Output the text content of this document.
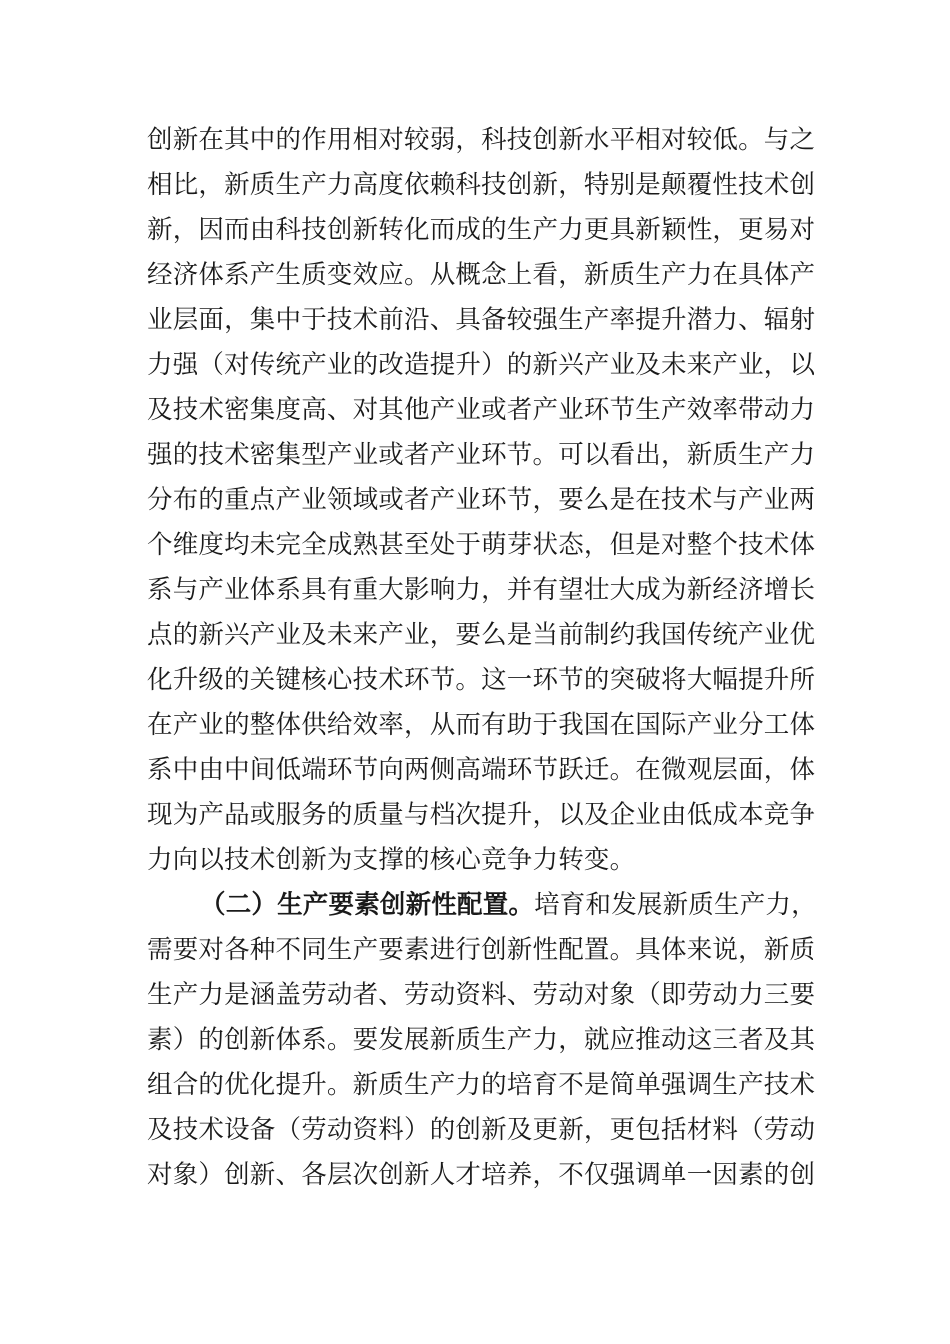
创新在其中的作用相对较弱，科技创新水平相对较低。与之
相比，新质生产力高度依赖科技创新，特别是颠覆性技术创
新，因而由科技创新转化而成的生产力更具新颖性，更易对
经济体系产生质变效应。从概念上看，新质生产力在具体产
业层面，集中于技术前沿、具备较强生产率提升潜力、辐射
力强（对传统产业的改造提升）的新兴产业及未来产业，以
及技术密集度高、对其他产业或者产业环节生产效率带动力
强的技术密集型产业或者产业环节。可以看出，新质生产力
分布的重点产业领域或者产业环节，要么是在技术与产业两
个维度均未完全成熟甚至处于萌芽状态，但是对整个技术体
系与产业体系具有重大影响力，并有望壮大成为新经济增长
点的新兴产业及未来产业，要么是当前制约我国传统产业优
化升级的关键核心技术环节。这一环节的突破将大幅提升所
在产业的整体供给效率，从而有助于我国在国际产业分工体
系中由中间低端环节向两侧高端环节跃迁。在微观层面，体
现为产品或服务的质量与档次提升，以及企业由低成本竞争
力向以技术创新为支撑的核心竞争力转变。
（二）生产要素创新性配置。培育和发展新质生产力，
需要对各种不同生产要素进行创新性配置。具体来说，新质
生产力是涵盖劳动者、劳动资料、劳动对象（即劳动力三要
素）的创新体系。要发展新质生产力，就应推动这三者及其
组合的优化提升。新质生产力的培育不是简单强调生产技术
及技术设备（劳动资料）的创新及更新，更包括材料（劳动
对象）创新、各层次创新人才培养，不仅强调单一因素的创
